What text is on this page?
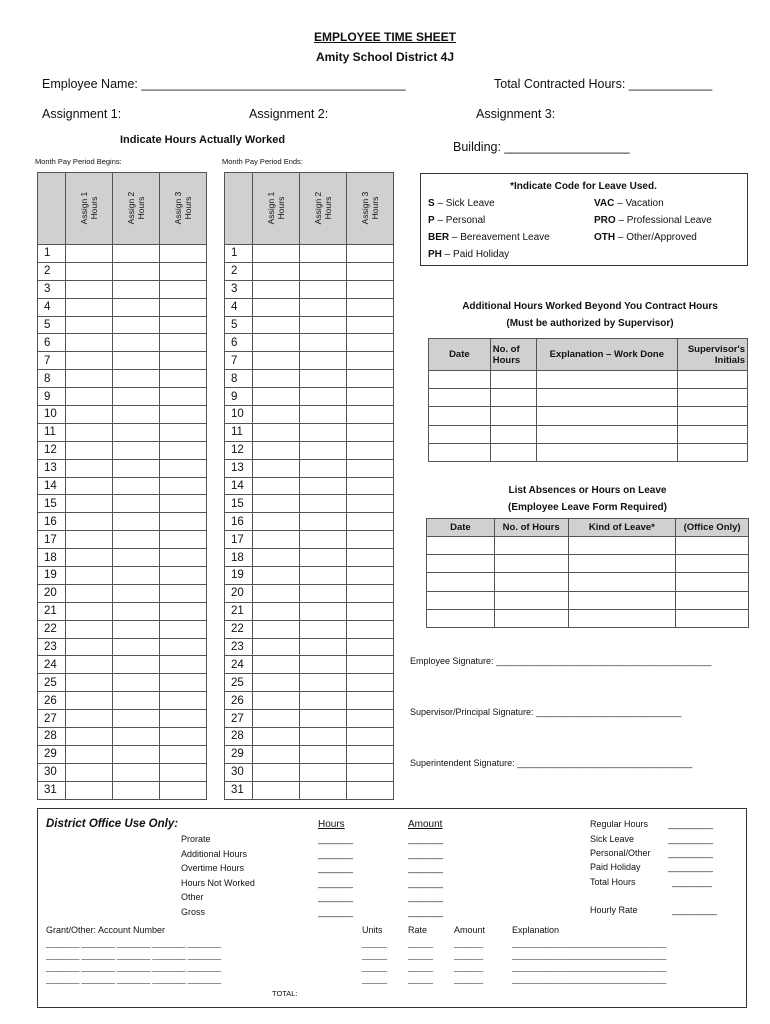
EMPLOYEE TIME SHEET
Amity School District 4J
Employee Name: ______________________________________	Total Contracted Hours: ____________
Assignment 1:	Assignment 2:	Assignment 3:
Indicate Hours Actually Worked	Building: __________________
Month Pay Period Begins:	Month Pay Period Ends:
	Assign 1 Hours	Assign 2 Hours	Assign 3 Hours
1			
2			
3			
4			
5			
6			
7			
8			
9			
10			
11			
12			
13			
14			
15			
16			
17			
18			
19			
20			
21			
22			
23			
24			
25			
26			
27			
28			
29			
30			
31			
	Assign 1 Hours	Assign 2 Hours	Assign 3 Hours
1			
2			
3			
4			
5			
6			
7			
8			
9			
10			
11			
12			
13			
14			
15			
16			
17			
18			
19			
20			
21			
22			
23			
24			
25			
26			
27			
28			
29			
30			
31			
*Indicate Code for Leave Used.
S – Sick Leave	VAC – Vacation
P – Personal	PRO – Professional Leave
BER – Bereavement Leave	OTH – Other/Approved
PH – Paid Holiday
Additional Hours Worked Beyond You Contract Hours
(Must be authorized by Supervisor)
Date	No. of Hours	Explanation – Work Done	Supervisor's Initials

List Absences or Hours on Leave
(Employee Leave Form Required)
Date	No. of Hours	Kind of Leave*	(Office Only)

Employee Signature: ___________________________________________
Supervisor/Principal Signature: _____________________________
Superintendent Signature: ___________________________________
District Office Use Only:	Hours	Amount
Prorate	_______	_______
Additional Hours	_______	_______
Overtime Hours	_______	_______
Hours Not Worked	_______	_______
Other	_______	_______
Gross	_______	_______
Regular Hours _________
Sick Leave	_________
Personal/Other _________
Paid Holiday	_________
Total Hours	________
Hourly Rate	_________
Grant/Other: Account Number	Units	Rate	Amount	Explanation
________ ________ ________ ________ ________	______	______	_______	_____________________________________
________ ________ ________ ________ ________	______	______	_______	_____________________________________
________ ________ ________ ________ ________	______	______	_______	_____________________________________
________ ________ ________ ________ ________	______	______	_______	_____________________________________
TOTAL:
